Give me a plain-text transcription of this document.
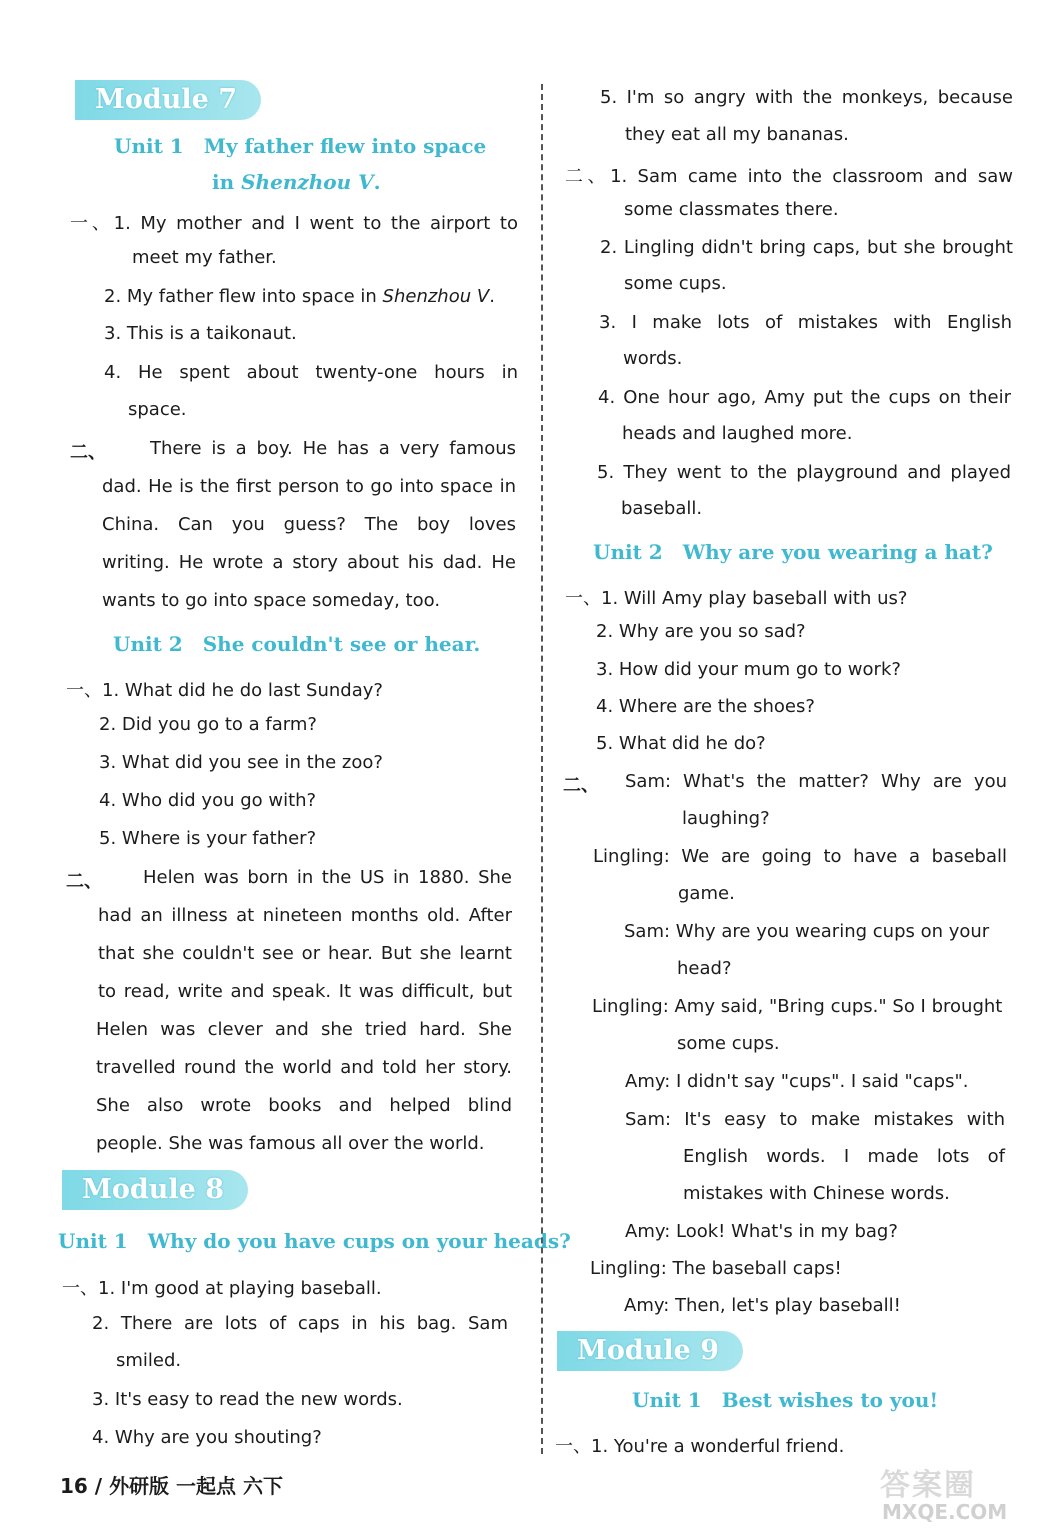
Module 7
Unit 1 My father flew into space
in Shenzhou V.
一、1. My mother and I went to the airport to
meet my father.
2. My father flew into space in Shenzhou V.
3. This is a taikonaut.
4. He spent about twenty-one hours in
space.
二、 There is a boy. He has a very famous
dad. He is the first person to go into space in
China. Can you guess? The boy loves
writing. He wrote a story about his dad. He
wants to go into space someday, too.
Unit 2 She couldn't see or hear.
一、1. What did he do last Sunday?
2. Did you go to a farm?
3. What did you see in the zoo?
4. Who did you go with?
5. Where is your father?
二、 Helen was born in the US in 1880. She
had an illness at nineteen months old. After
that she couldn't see or hear. But she learnt
to read, write and speak. It was difficult, but
Helen was clever and she tried hard. She
travelled round the world and told her story.
She also wrote books and helped blind
people. She was famous all over the world.
Module 8
Unit 1 Why do you have cups on your heads?
一、1. I'm good at playing baseball.
2. There are lots of caps in his bag. Sam
smiled.
3. It's easy to read the new words.
4. Why are you shouting?
5. I'm so angry with the monkeys, because
they eat all my bananas.
二、1. Sam came into the classroom and saw
some classmates there.
2. Lingling didn't bring caps, but she brought
some cups.
3. I make lots of mistakes with English
words.
4. One hour ago, Amy put the cups on their
heads and laughed more.
5. They went to the playground and played
baseball.
Unit 2 Why are you wearing a hat?
一、1. Will Amy play baseball with us?
2. Why are you so sad?
3. How did your mum go to work?
4. Where are the shoes?
5. What did he do?
二、 Sam: What's the matter? Why are you
laughing?
Lingling: We are going to have a baseball
game.
Sam: Why are you wearing cups on your
head?
Lingling: Amy said, "Bring cups." So I brought
some cups.
Amy: I didn't say "cups". I said "caps".
Sam: It's easy to make mistakes with
English words. I made lots of
mistakes with Chinese words.
Amy: Look! What's in my bag?
Lingling: The baseball caps!
Amy: Then, let's play baseball!
Module 9
Unit 1 Best wishes to you!
一、1. You're a wonderful friend.
16 / 外研版 一起点 六下	答案圈
MXQE.COM
